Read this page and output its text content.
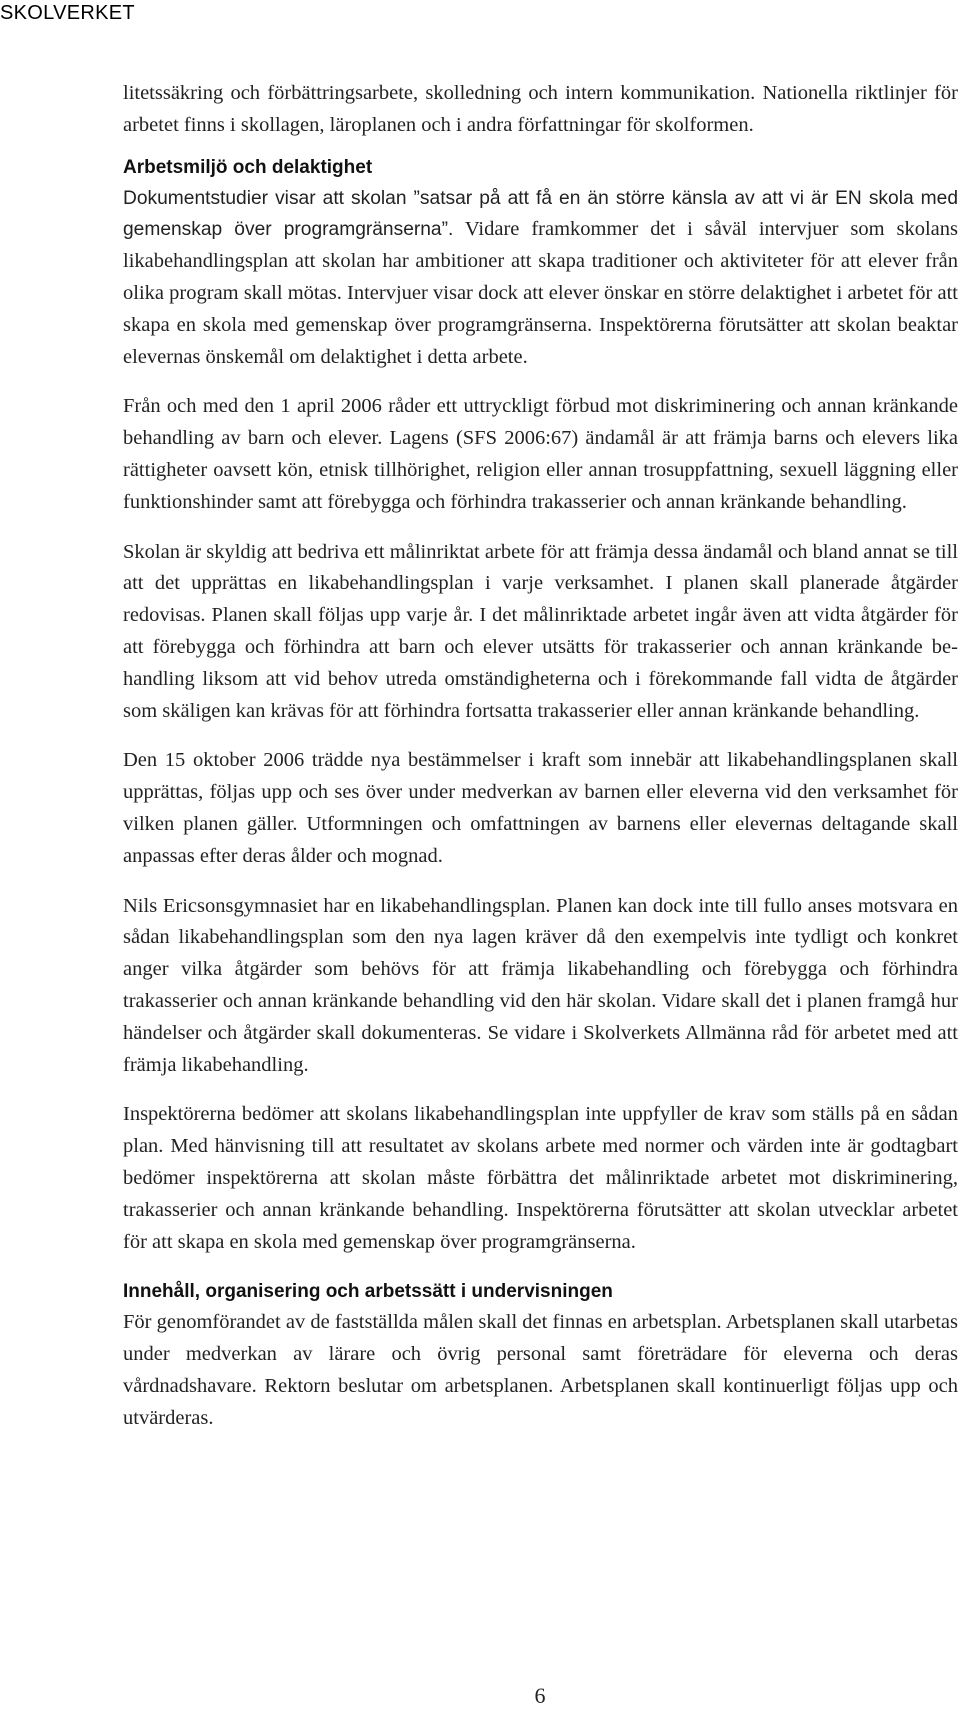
SKOLVERKET

litetssäkring och förbättringsarbete, skolledning och intern kommunikation. Nationella riktlinjer för arbetet finns i skollagen, läroplanen och i andra författningar för skolformen.

Arbetsmiljö och delaktighet

Dokumentstudier visar att skolan ”satsar på att få en än större känsla av att vi är EN skola med gemenskap över programgränserna”. Vidare framkommer det i såväl intervjuer som skolans likabehandlingsplan att skolan har ambitioner att skapa traditioner och aktiviteter för att elever från olika program skall mötas. Intervjuer visar dock att elever önskar en större delaktighet i arbetet för att skapa en skola med gemenskap över programgränserna. Inspektörerna förutsätter att skolan beaktar elevernas önskemål om delaktighet i detta arbete.

Från och med den 1 april 2006 råder ett uttryckligt förbud mot diskriminering och annan kränkande behandling av barn och elever. Lagens (SFS 2006:67) ändamål är att främja barns och elevers lika rättigheter oavsett kön, etnisk tillhörighet, religion eller annan trosuppfattning, sexuell läggning eller funktionshinder samt att förebygga och förhindra trakasserier och annan kränkande behandling.

Skolan är skyldig att bedriva ett målinriktat arbete för att främja dessa ändamål och bland annat se till att det upprättas en likabehandlingsplan i varje verksamhet. I planen skall planerade åtgärder redovisas. Planen skall följas upp varje år. I det målinriktade arbetet ingår även att vidta åtgärder för att förebygga och förhindra att barn och elever utsätts för trakasserier och annan kränkande behandling liksom att vid behov utreda omständigheterna och i förekommande fall vidta de åtgärder som skäligen kan krävas för att förhindra fortsatta trakasserier eller annan kränkande behandling.

Den 15 oktober 2006 trädde nya bestämmelser i kraft som innebär att likabehandlingsplanen skall upprättas, följas upp och ses över under medverkan av barnen eller eleverna vid den verksamhet för vilken planen gäller. Utformningen och omfattningen av barnens eller elevernas deltagande skall anpassas efter deras ålder och mognad.

Nils Ericsonsgymnasiet har en likabehandlingsplan. Planen kan dock inte till fullo anses motsvara en sådan likabehandlingsplan som den nya lagen kräver då den exempelvis inte tydligt och konkret anger vilka åtgärder som behövs för att främja likabehandling och förebygga och förhindra trakasserier och annan kränkande behandling vid den här skolan. Vidare skall det i planen framgå hur händelser och åtgärder skall dokumenteras. Se vidare i Skolverkets Allmänna råd för arbetet med att främja likabehandling.

Inspektörerna bedömer att skolans likabehandlingsplan inte uppfyller de krav som ställs på en sådan plan. Med hänvisning till att resultatet av skolans arbete med normer och värden inte är godtagbart bedömer inspektörerna att skolan måste förbättra det målinriktade arbetet mot diskriminering, trakasserier och annan kränkande behandling. Inspektörerna förutsätter att skolan utvecklar arbetet för att skapa en skola med gemenskap över programgränserna.

Innehåll, organisering och arbetssätt i undervisningen

För genomförandet av de fastställda målen skall det finnas en arbetsplan. Arbetsplanen skall utarbetas under medverkan av lärare och övrig personal samt företrädare för eleverna och deras vårdnadshavare. Rektorn beslutar om arbetsplanen. Arbetsplanen skall kontinuerligt följas upp och utvärderas.

6
